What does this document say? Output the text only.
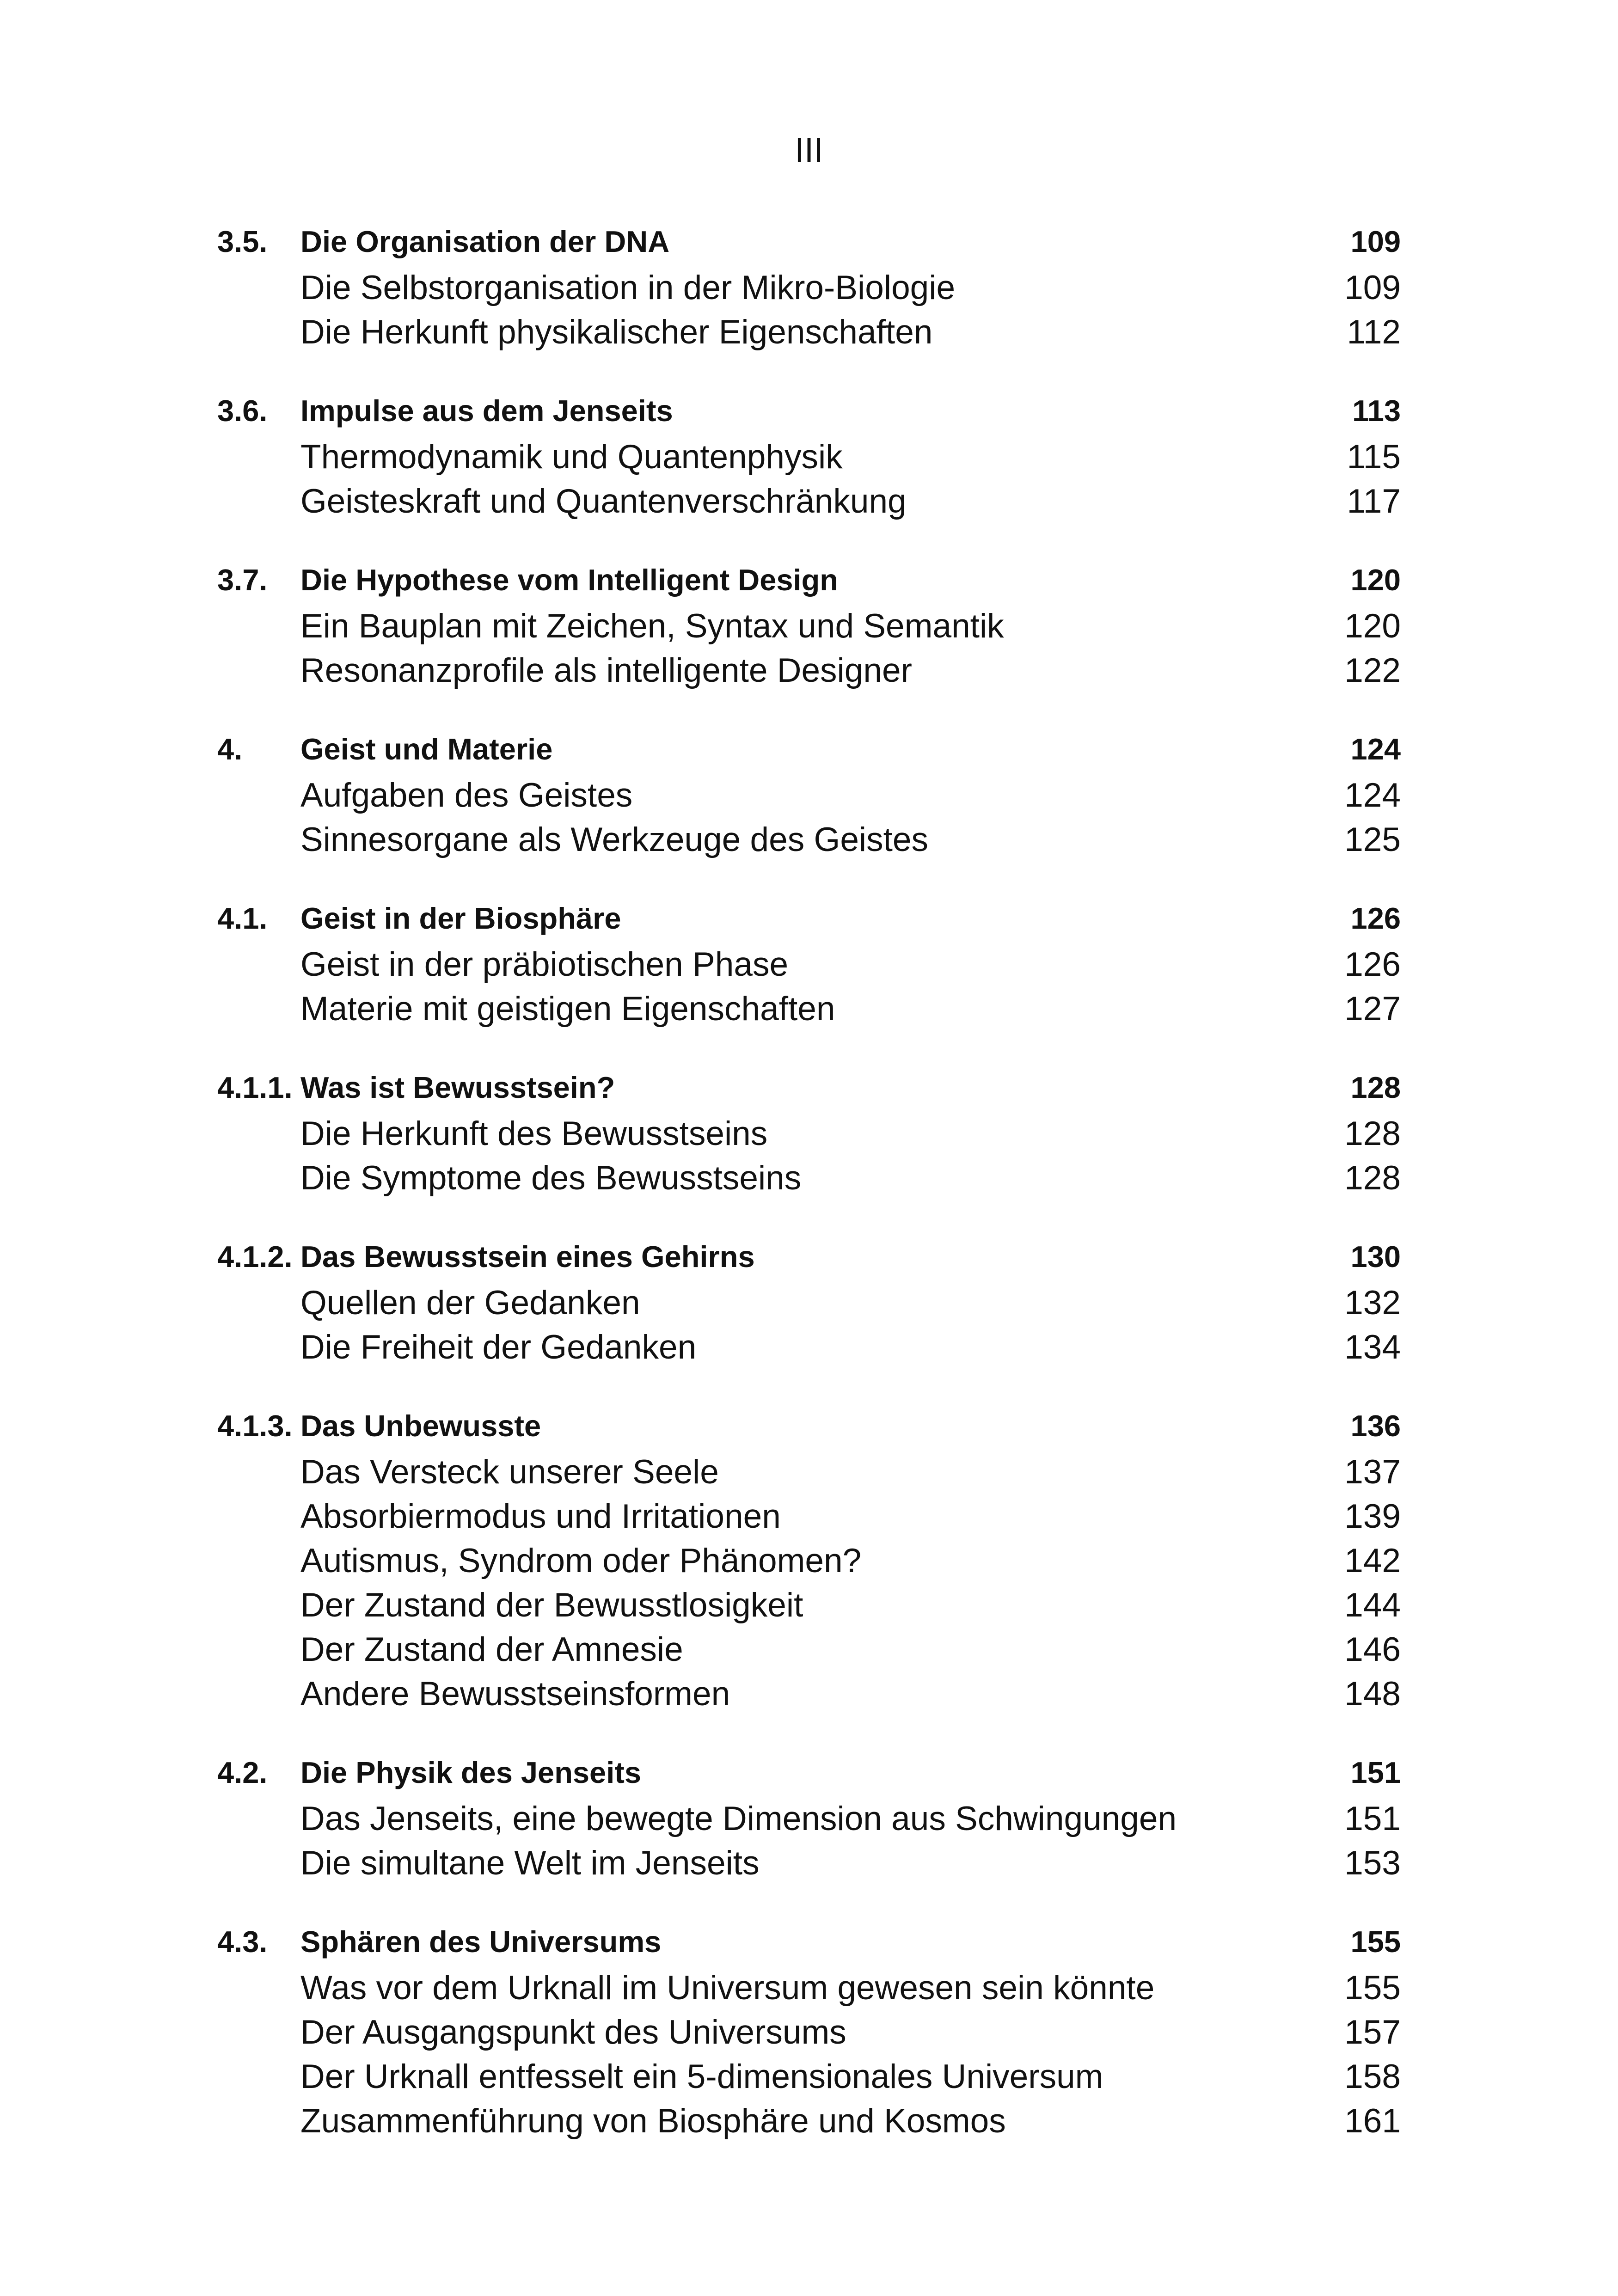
III
3.5.	Die Organisation der DNA	109
Die Selbstorganisation in der Mikro-Biologie	109
Die Herkunft physikalischer Eigenschaften	112
3.6.	Impulse aus dem Jenseits	113
Thermodynamik und Quantenphysik	115
Geisteskraft und Quantenverschränkung	117
3.7.	Die Hypothese vom Intelligent Design	120
Ein Bauplan mit Zeichen, Syntax und Semantik	120
Resonanzprofile als intelligente Designer	122
4.	Geist und Materie	124
Aufgaben des Geistes	124
Sinnesorgane als Werkzeuge des Geistes	125
4.1.	Geist in der Biosphäre	126
Geist in der präbiotischen Phase	126
Materie mit geistigen Eigenschaften	127
4.1.1. Was ist Bewusstsein?	128
Die Herkunft des Bewusstseins	128
Die Symptome des Bewusstseins	128
4.1.2. Das Bewusstsein eines Gehirns	130
Quellen der Gedanken	132
Die Freiheit der Gedanken	134
4.1.3. Das Unbewusste	136
Das Versteck unserer Seele	137
Absorbiermodus und Irritationen	139
Autismus, Syndrom oder Phänomen?	142
Der Zustand der Bewusstlosigkeit	144
Der Zustand der Amnesie	146
Andere Bewusstseinsformen	148
4.2.	Die Physik des Jenseits	151
Das Jenseits, eine bewegte Dimension aus Schwingungen	151
Die simultane Welt im Jenseits	153
4.3.	Sphären des Universums	155
Was vor dem Urknall im Universum gewesen sein könnte	155
Der Ausgangspunkt des Universums	157
Der Urknall entfesselt ein 5-dimensionales Universum	158
Zusammenführung von Biosphäre und Kosmos	161
